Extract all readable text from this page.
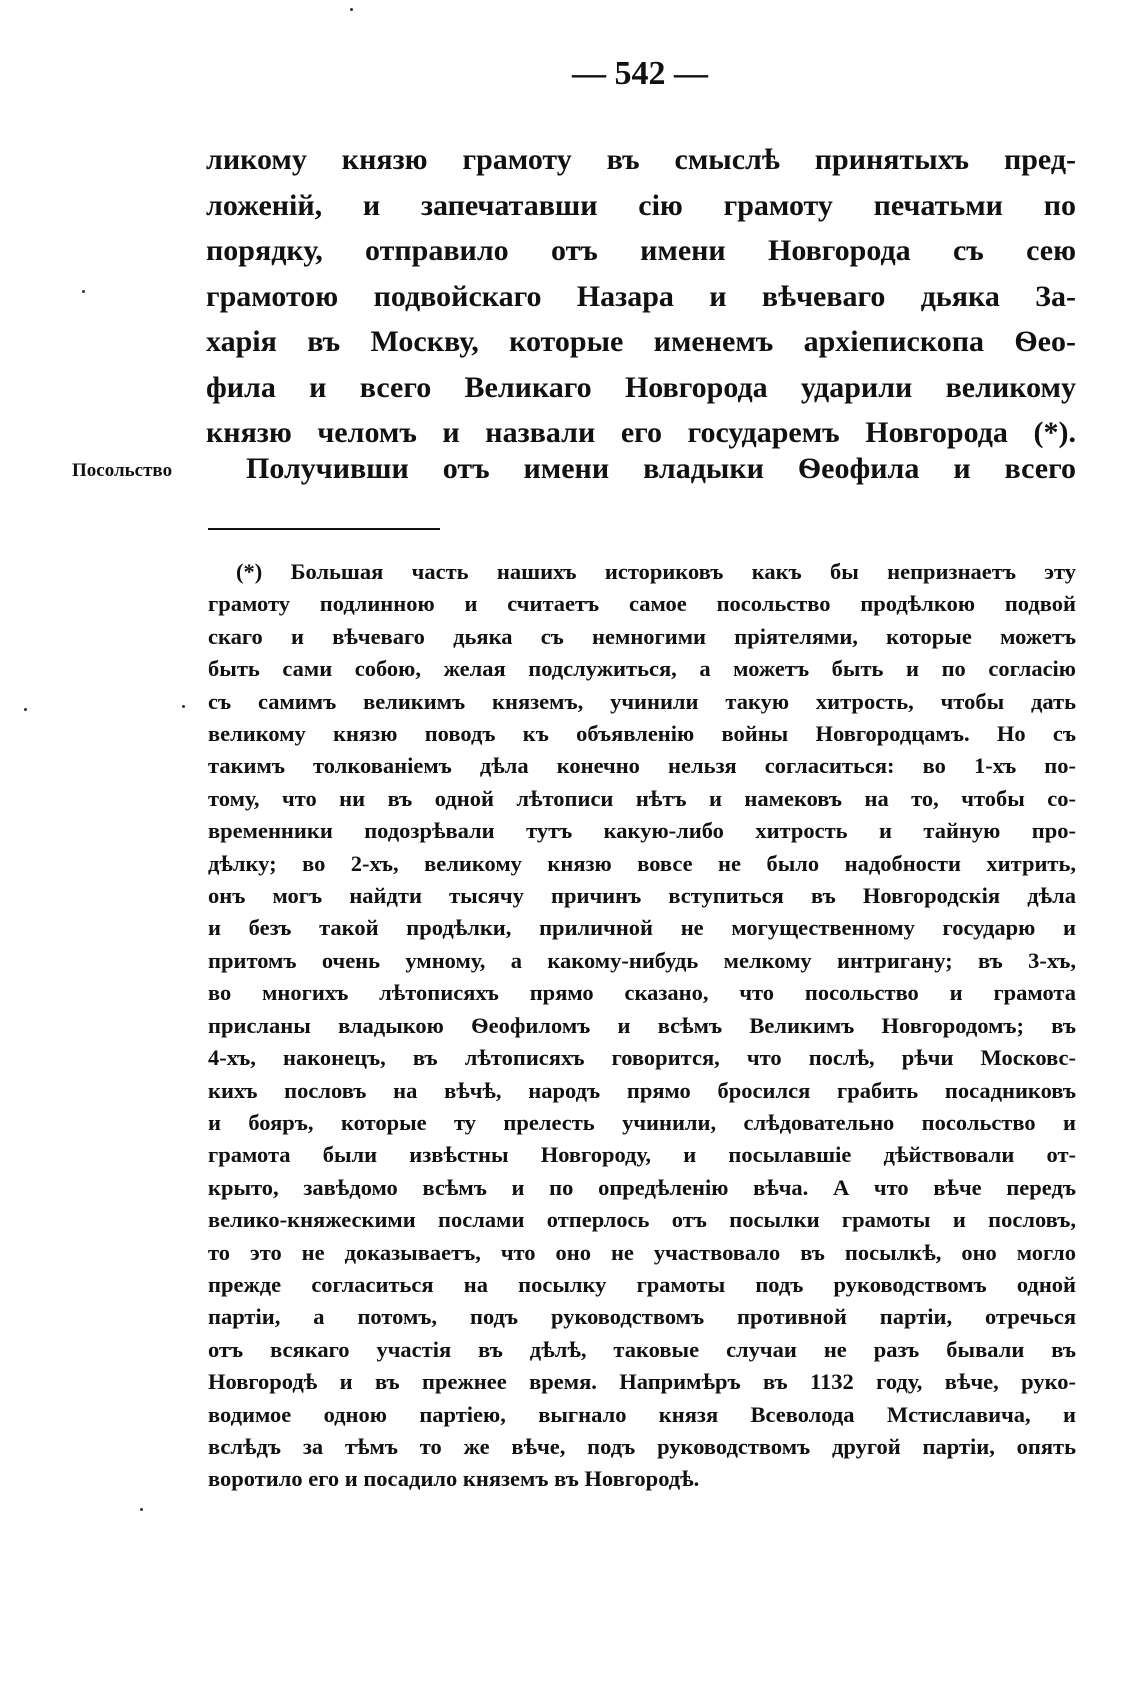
— 542 —
ликому князю грамоту въ смыслѣ принятыхъ пред-
ложеній, и запечатавши сію грамоту печатьми по
порядку, отправило отъ имени Новгорода съ сею
грамотою подвойскаго Назара и вѣчеваго дьяка За-
харія въ Москву, которые именемъ архіепископа Ѳео-
фила и всего Великаго Новгорода ударили великому
князю челомъ и назвали его государемъ Новгорода (*).
Посольство Получивши отъ имени владыки Ѳеофила и всего
(*) Большая часть нашихъ историковъ какъ бы непризнаетъ эту
грамоту подлинною и считаетъ самое посольство продѣлкою подвой
скаго и вѣчеваго дьяка съ немногими пріятелями, которые можетъ
быть сами собою, желая подслужиться, а можетъ быть и по согласію
съ самимъ великимъ княземъ, учинили такую хитрость, чтобы дать
великому князю поводъ къ объявленію войны Новгородцамъ. Но съ
такимъ толкованіемъ дѣла конечно нельзя согласиться: во 1-хъ по-
тому, что ни въ одной лѣтописи нѣтъ и намековъ на то, чтобы со-
временники подозрѣвали тутъ какую-либо хитрость и тайную про-
дѣлку; во 2-хъ, великому князю вовсе не было надобности хитрить,
онъ могъ найдти тысячу причинъ вступиться въ Новгородскія дѣла
и безъ такой продѣлки, приличной не могущественному государю и
притомъ очень умному, а какому-нибудь мелкому интригану; въ 3-хъ,
во многихъ лѣтописяхъ прямо сказано, что посольство и грамота
присланы владыкою Ѳеофиломъ и всѣмъ Великимъ Новгородомъ; въ
4-хъ, наконецъ, въ лѣтописяхъ говорится, что послѣ, рѣчи Московс-
кихъ пословъ на вѣчѣ, народъ прямо бросился грабить посадниковъ
и бояръ, которые ту прелесть учинили, слѣдовательно посольство и
грамота были извѣстны Новгороду, и посылавшіе дѣйствовали от-
крыто, завѣдомо всѣмъ и по опредѣленію вѣча. А что вѣче передъ
велико-княжескими послами отперлось отъ посылки грамоты и пословъ,
то это не доказываетъ, что оно не участвовало въ посылкѣ, оно могло
прежде согласиться на посылку грамоты подъ руководствомъ одной
партіи, а потомъ, подъ руководствомъ противной партіи, отречься
отъ всякаго участія въ дѣлѣ, таковые случаи не разъ бывали въ
Новгородѣ и въ прежнее время. Напримѣръ въ 1132 году, вѣче, руко-
водимое одною партіею, выгнало князя Всеволода Мстиславича, и
вслѣдъ за тѣмъ то же вѣче, подъ руководствомъ другой партіи, опять
воротило его и посадило княземъ въ Новгородѣ.
